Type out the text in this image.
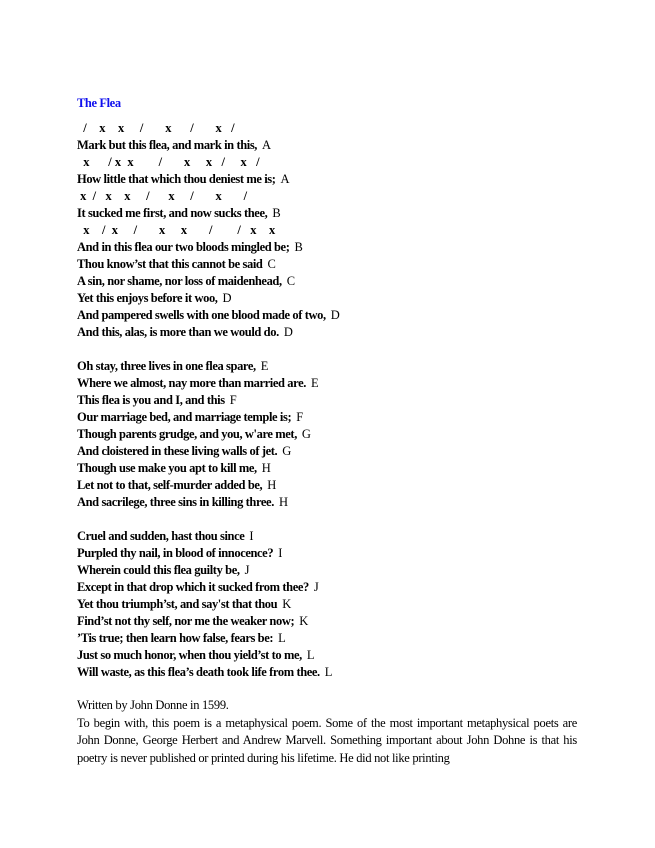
The Flea
/    x    x     /       x      /       x   /
Mark but this flea, and mark in this, A
x      / x  x        /       x     x   /     x   /
How little that which thou deniest me is; A
x  /   x    x     /      x     /       x       /
It sucked me first, and now sucks thee, B
x    /  x     /       x     x       /        /   x    x
And in this flea our two bloods mingled be; B
Thou know’st that this cannot be said C
A sin, nor shame, nor loss of maidenhead, C
Yet this enjoys before it woo, D
And pampered swells with one blood made of two, D
And this, alas, is more than we would do. D
Oh stay, three lives in one flea spare, E
Where we almost, nay more than married are. E
This flea is you and I, and this F
Our marriage bed, and marriage temple is; F
Though parents grudge, and you, w'are met, G
And cloistered in these living walls of jet. G
Though use make you apt to kill me, H
Let not to that, self-murder added be, H
And sacrilege, three sins in killing three. H
Cruel and sudden, hast thou since I
Purpled thy nail, in blood of innocence? I
Wherein could this flea guilty be, J
Except in that drop which it sucked from thee? J
Yet thou triumph’st, and say'st that thou K
Find’st not thy self, nor me the weaker now; K
’Tis true; then learn how false, fears be: L
Just so much honor, when thou yield’st to me, L
Will waste, as this flea’s death took life from thee. L

Written by John Donne in 1599.

To begin with, this poem is a metaphysical poem. Some of the most important metaphysical poets are John Donne, George Herbert and Andrew Marvell. Something important about John Dohne is that his poetry is never published or printed during his lifetime. He did not like printing
